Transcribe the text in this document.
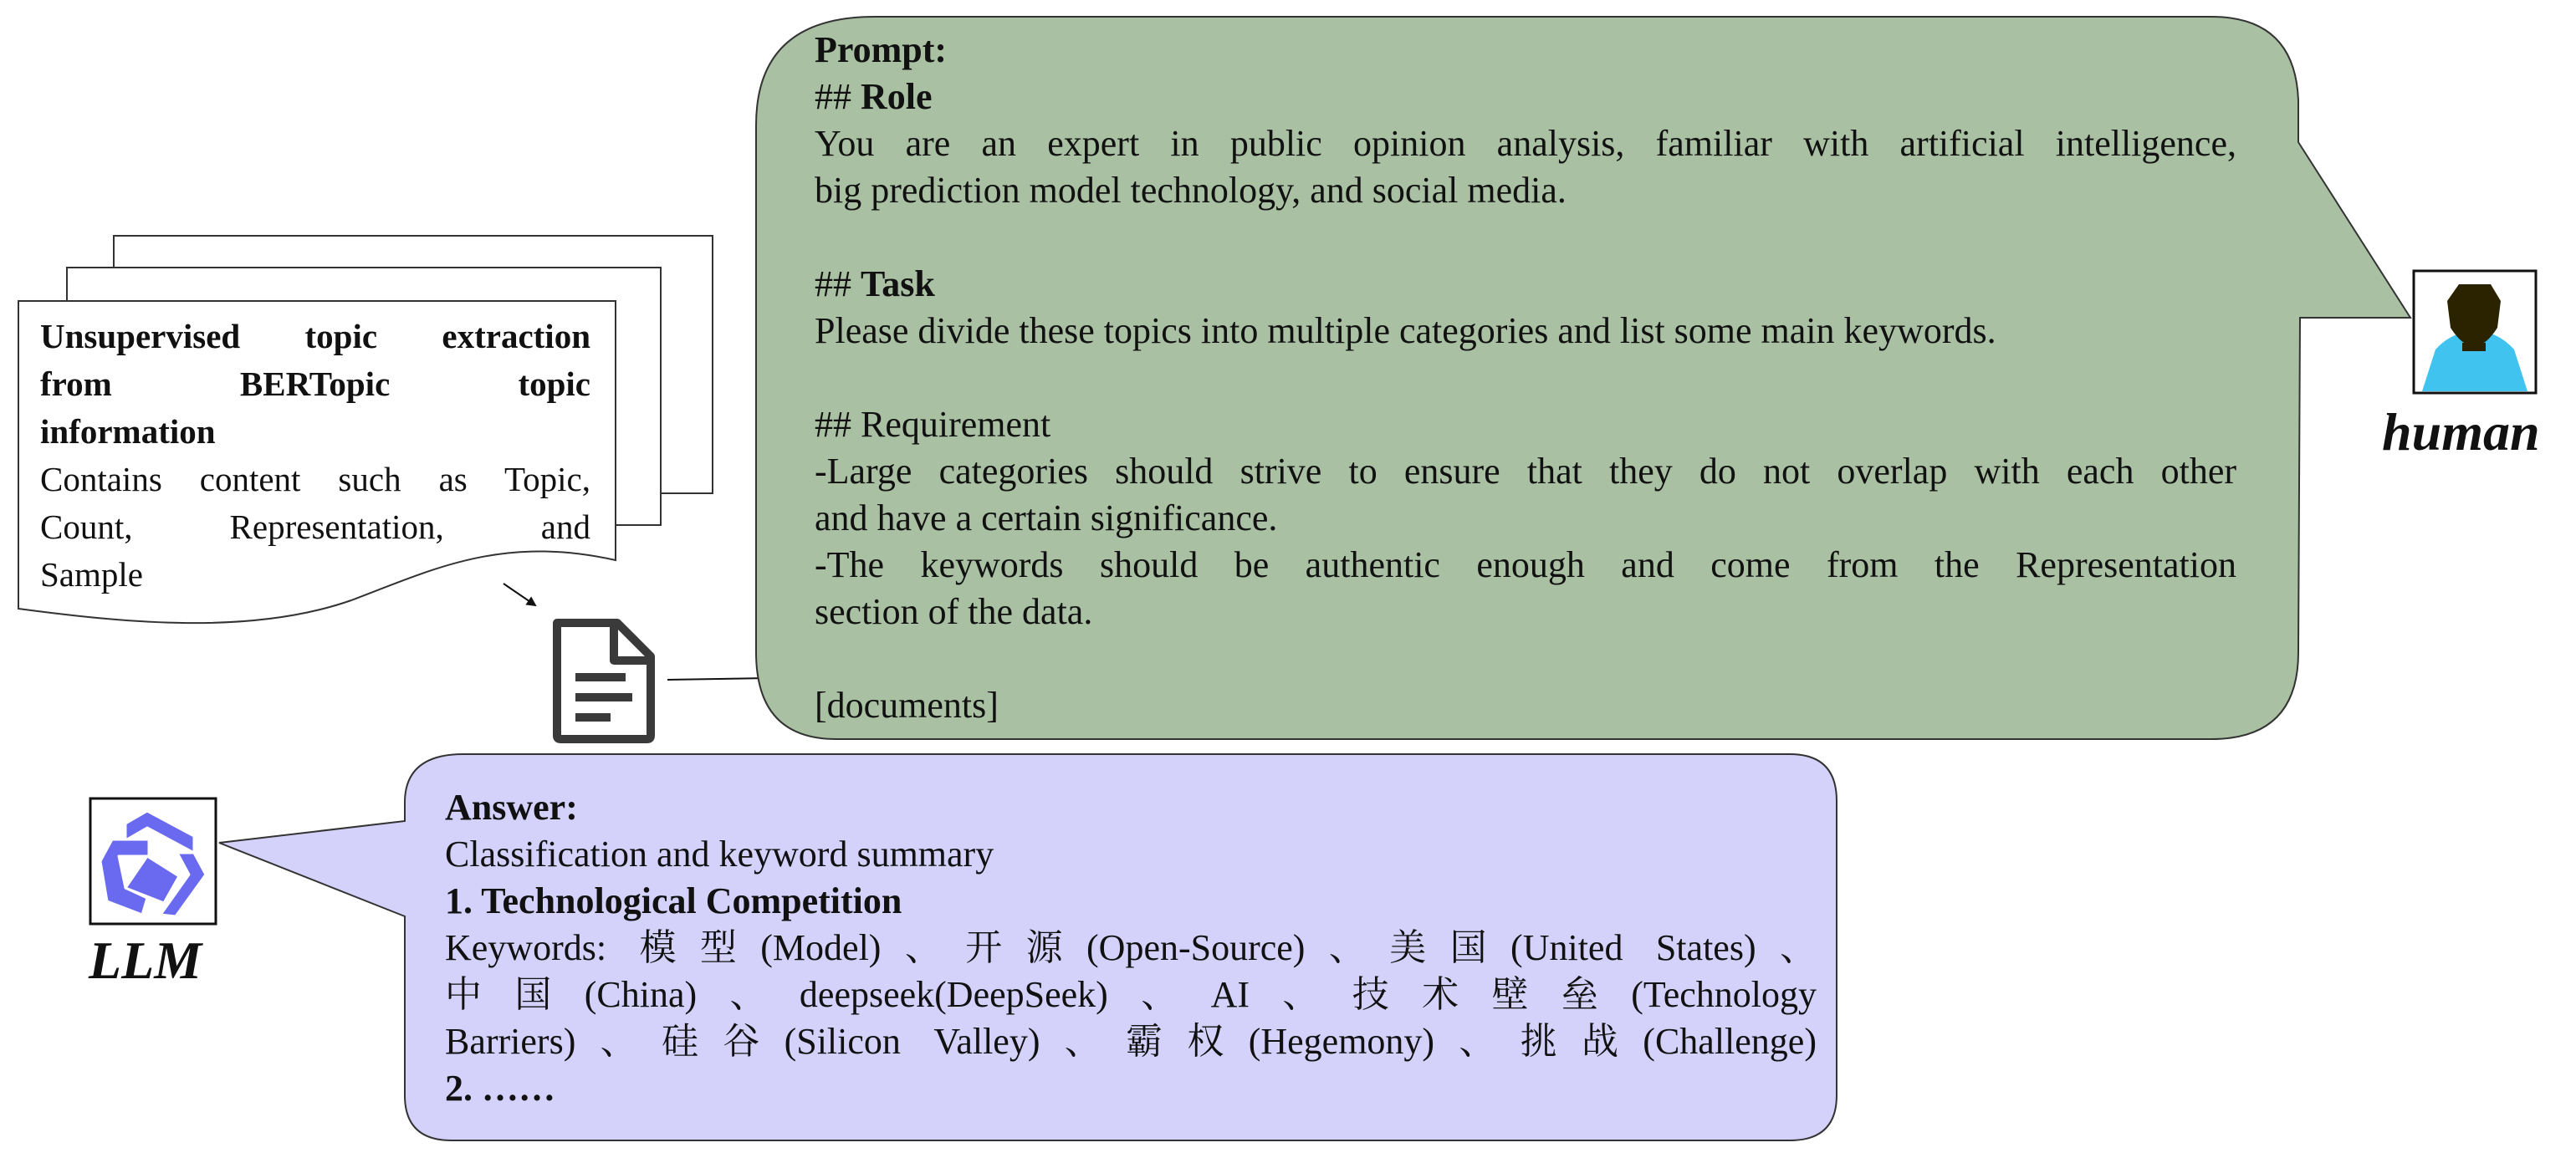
Unsupervised topic extraction
from BERTopic topic
information
Contains content such as Topic,
Count, Representation, and
Sample
Prompt:
## Role
You are an expert in public opinion analysis, familiar with artificial intelligence,
big prediction model technology, and social media.
## Task
Please divide these topics into multiple categories and list some main keywords.
## Requirement
-Large categories should strive to ensure that they do not overlap with each other
and have a certain significance.
-The keywords should be authentic enough and come from the Representation
section of the data.
[documents]
Answer:
Classification and keyword summary
1. Technological Competition
Keywords: 模型(Model)、开源(Open-Source)、美国(United States)、
中国(China)、deepseek(DeepSeek)、AI、技术壁垒(Technology
Barriers)、硅谷(Silicon Valley)、霸权(Hegemony)、挑战(Challenge)
2. ……
human
LLM
